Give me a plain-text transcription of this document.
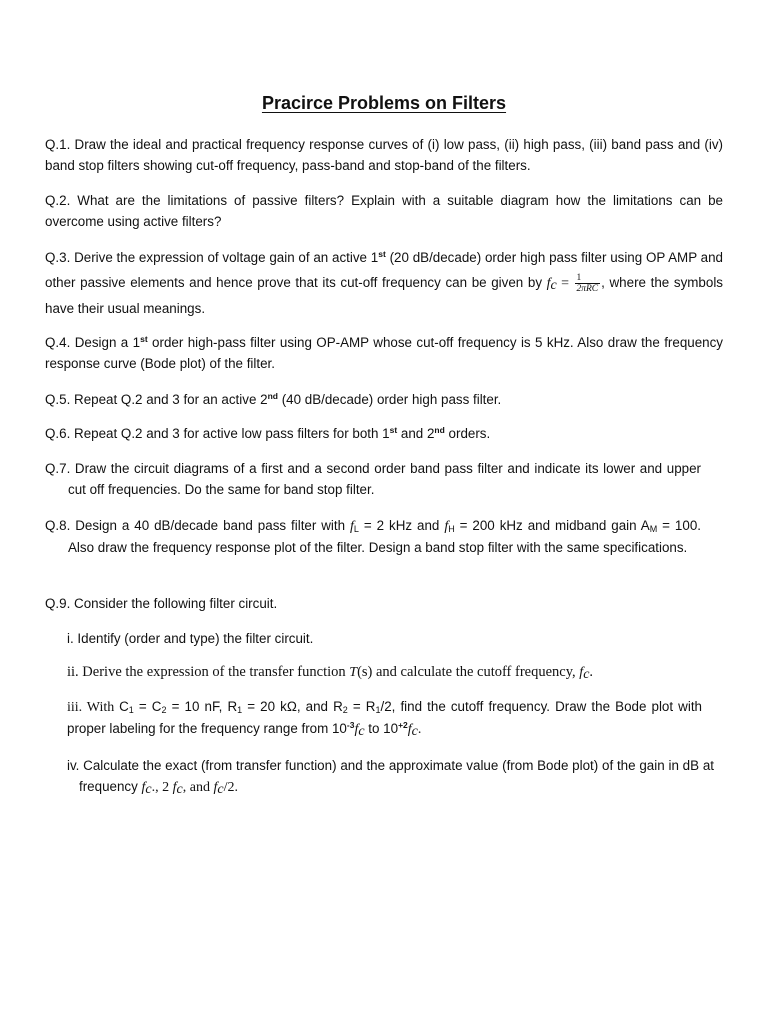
Pracirce Problems on Filters
Q.1. Draw the ideal and practical frequency response curves of (i) low pass, (ii) high pass, (iii) band pass and (iv) band stop filters showing cut-off frequency, pass-band and stop-band of the filters.
Q.2. What are the limitations of passive filters? Explain with a suitable diagram how the limitations can be overcome using active filters?
Q.3. Derive the expression of voltage gain of an active 1st (20 dB/decade) order high pass filter using OP AMP and other passive elements and hence prove that its cut-off frequency can be given by $f_c = \frac{1}{\text{2πRC}}$ , where the symbols have their usual meanings.
Q.4. Design a 1st order high-pass filter using OP-AMP whose cut-off frequency is 5 kHz. Also draw the frequency response curve (Bode plot) of the filter.
Q.5. Repeat Q.2 and 3 for an active 2nd (40 dB/decade) order high pass filter.
Q.6. Repeat Q.2 and 3 for active low pass filters for both 1st and 2nd orders.
Q.7. Draw the circuit diagrams of a first and a second order band pass filter and indicate its lower and upper cut off frequencies. Do the same for band stop filter.
Q.8. Design a 40 dB/decade band pass filter with $f_L = 2$ kHz and $f_H = 200$ kHz and midband gain $A_M = 100$. Also draw the frequency response plot of the filter. Design a band stop filter with the same specifications.
Q.9. Consider the following filter circuit.
i. Identify (order and type) the filter circuit.
ii. Derive the expression of the transfer function T(s) and calculate the cutoff frequency, $f_c$.
iii. With $C_1 = C_2 = 10$ nF, $R_1 = 20$ kΩ, and $R_2 = R_1/2$, find the cutoff frequency. Draw the Bode plot with proper labeling for the frequency range from $10^{-3}f_c$ to $10^{+2}f_c$.
iv. Calculate the exact (from transfer function) and the approximate value (from Bode plot) of the gain in dB at frequency $f_c$., 2 $f_c$, and $f_c/2$.
